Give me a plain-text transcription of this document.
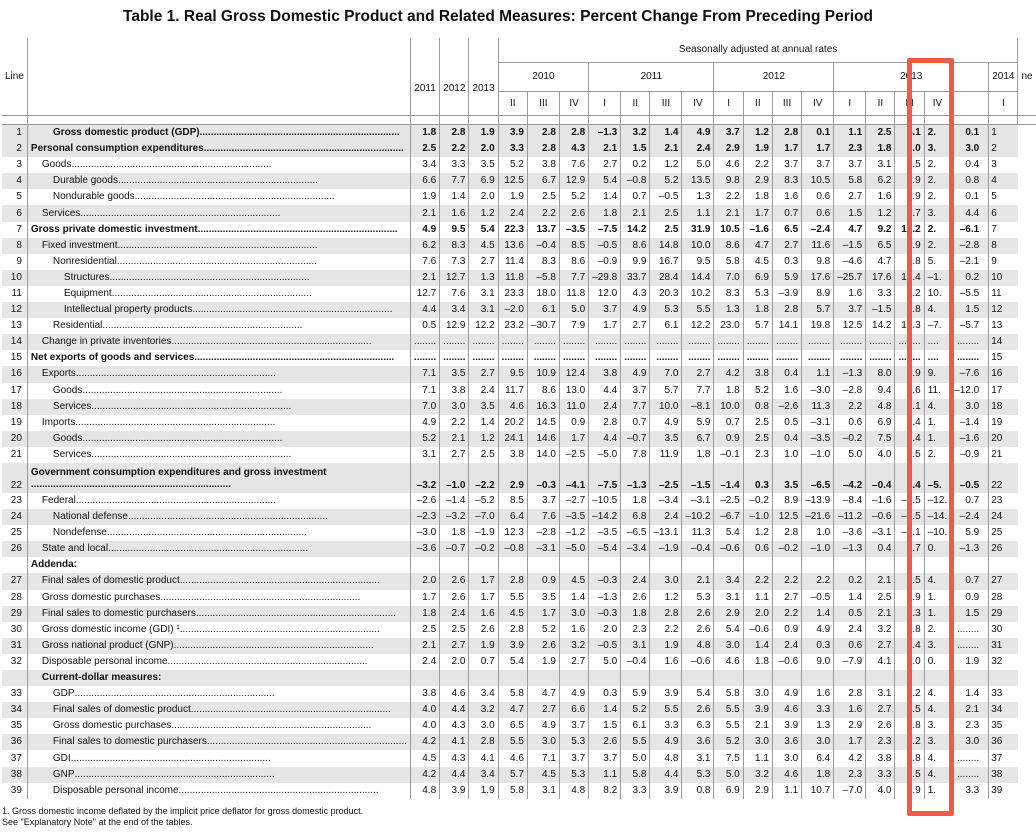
Table 1. Real Gross Domestic Product and Related Measures: Percent Change From Preceding Period
Line					Seasonally adjusted at annual rates																	ne
		2011	2012	2013	2010			2011				2012				2013					2014	
					II	III	IV	I	II	III	IV	I	II	III	IV	I	II	III	IV		I	

1	Gross domestic product (GDP)........................................................................	1.8	2.8	1.9	3.9	2.8	2.8	–1.3	3.2	1.4	4.9	3.7	1.2	2.8	0.1	1.1	2.5	4.1	2.	0.1	1	
2	Personal consumption expenditures........................................................................	2.5	2.2	2.0	3.3	2.8	4.3	2.1	1.5	2.1	2.4	2.9	1.9	1.7	1.7	2.3	1.8	2.0	3.	3.0	2	
3	Goods........................................................................	3.4	3.3	3.5	5.2	3.8	7.6	2.7	0.2	1.2	5.0	4.6	2.2	3.7	3.7	3.7	3.1	4.5	2.	0.4	3	
4	Durable goods........................................................................	6.6	7.7	6.9	12.5	6.7	12.9	5.4	–0.8	5.2	13.5	9.8	2.9	8.3	10.5	5.8	6.2	7.9	2.	0.8	4	
5	Nondurable goods........................................................................	1.9	1.4	2.0	1.9	2.5	5.2	1.4	0.7	–0.5	1.3	2.2	1.8	1.6	0.6	2.7	1.6	2.9	2.	0.1	5	
6	Services........................................................................	2.1	1.6	1.2	2.4	2.2	2.6	1.8	2.1	2.5	1.1	2.1	1.7	0.7	0.6	1.5	1.2	0.7	3.	4.4	6	
7	Gross private domestic investment........................................................................	4.9	9.5	5.4	22.3	13.7	–3.5	–7.5	14.2	2.5	31.9	10.5	–1.6	6.5	–2.4	4.7	9.2	17.2	2.	–6.1	7	
8	Fixed investment........................................................................	6.2	8.3	4.5	13.6	–0.4	8.5	–0.5	8.6	14.8	10.0	8.6	4.7	2.7	11.6	–1.5	6.5	5.9	2.	–2.8	8	
9	Nonresidential........................................................................	7.6	7.3	2.7	11.4	8.3	8.6	–0.9	9.9	16.7	9.5	5.8	4.5	0.3	9.8	–4.6	4.7	4.8	5.	–2.1	9	
10	Structures........................................................................	2.1	12.7	1.3	11.8	–5.8	7.7	–29.8	33.7	28.4	14.4	7.0	6.9	5.9	17.6	–25.7	17.6	13.4	–1.	0.2	10	
11	Equipment........................................................................	12.7	7.6	3.1	23.3	18.0	11.8	12.0	4.3	20.3	10.2	8.3	5.3	–3.9	8.9	1.6	3.3	0.2	10.	–5.5	11	
12	Intellectual property products........................................................................	4.4	3.4	3.1	–2.0	6.1	5.0	3.7	4.9	5.3	5.5	1.3	1.8	2.8	5.7	3.7	–1.5	5.8	4.	1.5	12	
13	Residential........................................................................	0.5	12.9	12.2	23.2	–30.7	7.9	1.7	2.7	6.1	12.2	23.0	5.7	14.1	19.8	12.5	14.2	10.3	–7.	–5.7	13	
14	Change in private inventories........................................................................	........	........	........	........	........	........	........	........	........	........	........	........	........	........	........	........	........	....	........	14	
15	Net exports of goods and services........................................................................	........	........	........	........	........	........	........	........	........	........	........	........	........	........	........	........	........	....	........	15	
16	Exports........................................................................	7.1	3.5	2.7	9.5	10.9	12.4	3.8	4.9	7.0	2.7	4.2	3.8	0.4	1.1	–1.3	8.0	3.9	9.	–7.6	16	
17	Goods........................................................................	7.1	3.8	2.4	11.7	8.6	13.0	4.4	3.7	5.7	7.7	1.8	5.2	1.6	–3.0	–2.8	9.4	5.6	11.	–12.0	17	
18	Services........................................................................	7.0	3.0	3.5	4.6	16.3	11.0	2.4	7.7	10.0	–8.1	10.0	0.8	–2.6	11.3	2.2	4.8	0.1	4.	3.0	18	
19	Imports........................................................................	4.9	2.2	1.4	20.2	14.5	0.9	2.8	0.7	4.9	5.9	0.7	2.5	0.5	–3.1	0.6	6.9	2.4	1.	–1.4	19	
20	Goods........................................................................	5.2	2.1	1.2	24.1	14.6	1.7	4.4	–0.7	3.5	6.7	0.9	2.5	0.4	–3.5	–0.2	7.5	2.4	1.	–1.6	20	
21	Services........................................................................	3.1	2.7	2.5	3.8	14.0	–2.5	–5.0	7.8	11.9	1.8	–0.1	2.3	1.0	–1.0	5.0	4.0	2.5	2.	–0.9	21	
22	Government consumption expenditures and gross investment........................................................................	–3.2	–1.0	–2.2	2.9	–0.3	–4.1	–7.5	–1.3	–2.5	–1.5	–1.4	0.3	3.5	–6.5	–4.2	–0.4	0.4	–5.	–0.5	22	
23	Federal........................................................................	–2.6	–1.4	–5.2	8.5	3.7	–2.7	–10.5	1.8	–3.4	–3.1	–2.5	–0.2	8.9	–13.9	–8.4	–1.6	–1.5	–12.	0.7	23	
24	National defense........................................................................	–2.3	–3.2	–7.0	6.4	7.6	–3.5	–14.2	6.8	2.4	–10.2	–6.7	–1.0	12.5	–21.6	–11.2	–0.6	–0.5	–14.	–2.4	24	
25	Nondefense........................................................................	–3.0	1.8	–1.9	12.3	–2.8	–1.2	–3.5	–6.5	–13.1	11.3	5.4	1.2	2.8	1.0	–3.6	–3.1	–3.1	–10.	5.9	25	
26	State and local........................................................................	–3.6	–0.7	–0.2	–0.8	–3.1	–5.0	–5.4	–3.4	–1.9	–0.4	–0.6	0.6	–0.2	–1.0	–1.3	0.4	1.7	0.	–1.3	26	
	Addenda:																					
27	Final sales of domestic product........................................................................	2.0	2.6	1.7	2.8	0.9	4.5	–0.3	2.4	3.0	2.1	3.4	2.2	2.2	2.2	0.2	2.1	2.5	4.	0.7	27	
28	Gross domestic purchases........................................................................	1.7	2.6	1.7	5.5	3.5	1.4	–1.3	2.6	1.2	5.3	3.1	1.1	2.7	–0.5	1.4	2.5	3.9	1.	0.9	28	
29	Final sales to domestic purchasers........................................................................	1.8	2.4	1.6	4.5	1.7	3.0	–0.3	1.8	2.8	2.6	2.9	2.0	2.2	1.4	0.5	2.1	2.3	1.	1.5	29	
30	Gross domestic income (GDI) ¹........................................................................	2.5	2.5	2.6	2.8	5.2	1.6	2.0	2.3	2.2	2.6	5.4	–0.6	0.9	4.9	2.4	3.2	1.8	2.	........	30	
31	Gross national product (GNP)........................................................................	2.1	2.7	1.9	3.9	2.6	3.2	–0.5	3.1	1.9	4.8	3.0	1.4	2.4	0.3	0.6	2.7	4.4	3.	........	31	
32	Disposable personal income........................................................................	2.4	2.0	0.7	5.4	1.9	2.7	5.0	–0.4	1.6	–0.6	4.6	1.8	–0.6	9.0	–7.9	4.1	3.0	0.	1.9	32	
	Current-dollar measures:																					
33	GDP........................................................................	3.8	4.6	3.4	5.8	4.7	4.9	0.3	5.9	3.9	5.4	5.8	3.0	4.9	1.6	2.8	3.1	6.2	4.	1.4	33	
34	Final sales of domestic product........................................................................	4.0	4.4	3.2	4.7	2.7	6.6	1.4	5.2	5.5	2.6	5.5	3.9	4.6	3.3	1.6	2.7	4.5	4.	2.1	34	
35	Gross domestic purchases........................................................................	4.0	4.3	3.0	6.5	4.9	3.7	1.5	6.1	3.3	6.3	5.5	2.1	3.9	1.3	2.9	2.6	5.8	3.	2.3	35	
36	Final sales to domestic purchasers........................................................................	4.2	4.1	2.8	5.5	3.0	5.3	2.6	5.5	4.9	3.6	5.2	3.0	3.6	3.0	1.7	2.3	4.2	3.	3.0	36	
37	GDI........................................................................	4.5	4.3	4.1	4.6	7.1	3.7	3.7	5.0	4.8	3.1	7.5	1.1	3.0	6.4	4.2	3.8	3.8	4.	........	37	
38	GNP........................................................................	4.2	4.4	3.4	5.7	4.5	5.3	1.1	5.8	4.4	5.3	5.0	3.2	4.6	1.8	2.3	3.3	6.5	4.	........	38	
39	Disposable personal income........................................................................	4.8	3.9	1.9	5.8	3.1	4.8	8.2	3.3	3.9	0.8	6.9	2.9	1.1	10.7	–7.0	4.0	4.9	1.	3.3	39	
1. Gross domestic income deflated by the implicit price deflator for gross domestic product.
See "Explanatory Note" at the end of the tables.
